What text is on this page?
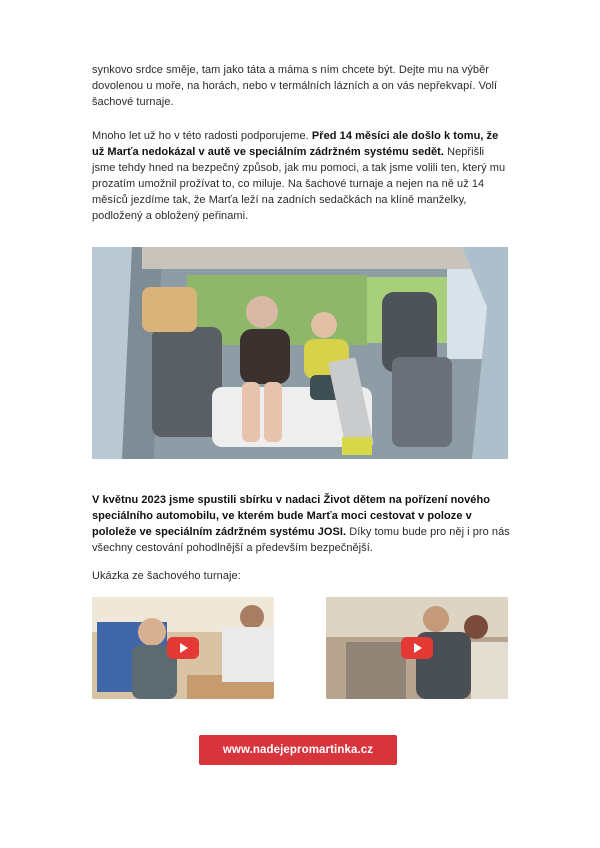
synkovo srdce směje, tam jako táta a máma s ním chcete být. Dejte mu na výběr dovolenou u moře, na horách, nebo v termálních lázních a on vás nepřekvapí. Volí šachové turnaje.

Mnoho let už ho v této radosti podporujeme. Před 14 měsíci ale došlo k tomu, že už Marťa nedokázal v autě ve speciálním zádržném systému sedět. Nepřišli jsme tehdy hned na bezpečný způsob, jak mu pomoci, a tak jsme volili ten, který mu prozatím umožnil prožívat to, co miluje. Na šachové turnaje a nejen na ně už 14 měsíců jezdíme tak, že Marťa leží na zadních sedačkách na klíně manželky, podložený a obložený peřinami.

V květnu 2023 jsme spustili sbírku v nadaci Život dětem na pořízení nového speciálního automobilu, ve kterém bude Marťa moci cestovat v poloze v pololeže ve speciálním zádržném systému JOSI. Díky tomu bude pro něj i pro nás všechny cestování pohodlnější a především bezpečnější.

Ukázka ze šachového turnaje:

www.nadejepromartinka.cz
